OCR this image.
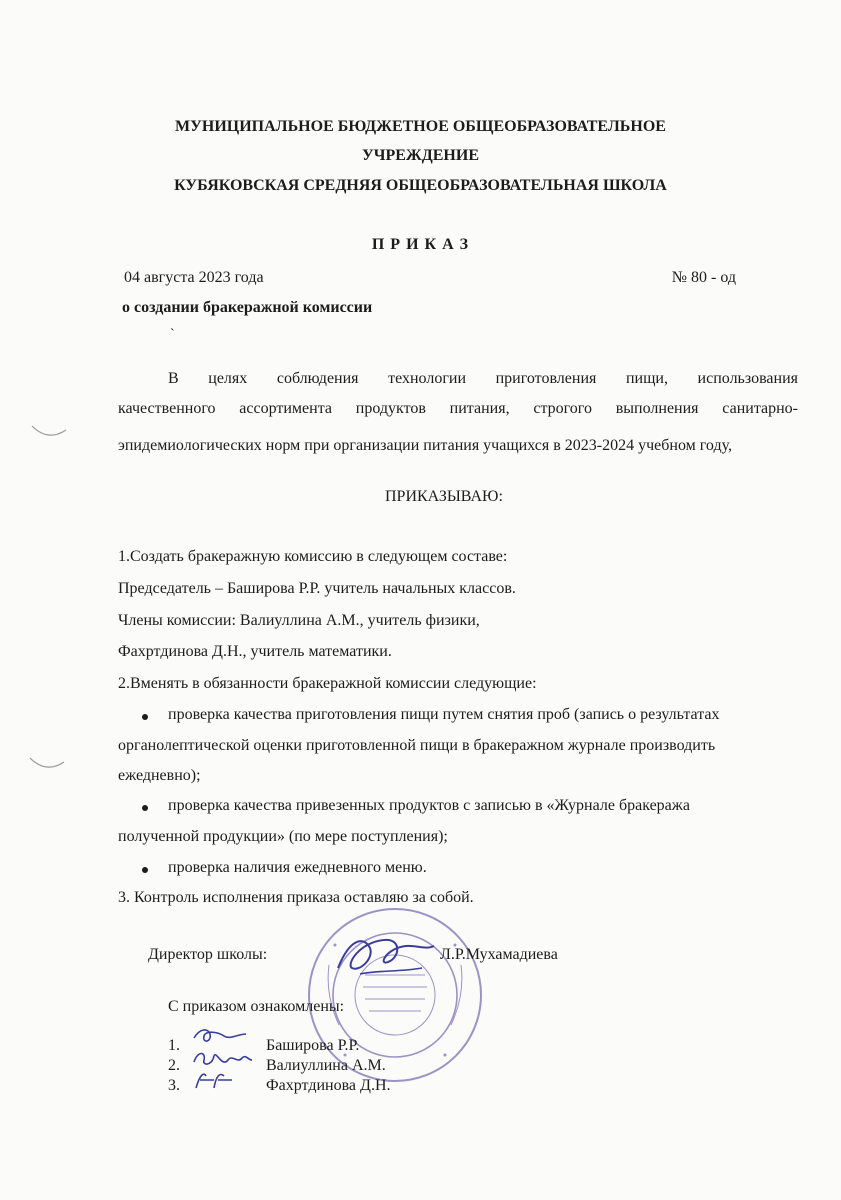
МУНИЦИПАЛЬНОЕ БЮДЖЕТНОЕ ОБЩЕОБРАЗОВАТЕЛЬНОЕ
УЧРЕЖДЕНИЕ
КУБЯКОВСКАЯ СРЕДНЯЯ ОБЩЕОБРАЗОВАТЕЛЬНАЯ ШКОЛА
П Р И К А З
04 августа 2023 года	№ 80 - од
о создании бракеражной комиссии
`
В целях соблюдения технологии приготовления пищи, использования
качественного ассортимента продуктов питания, строгого выполнения санитарно-
эпидемиологических норм при организации питания учащихся в 2023-2024 учебном году,
ПРИКАЗЫВАЮ:
1.Создать бракеражную комиссию в следующем составе:
Председатель – Баширова Р.Р. учитель начальных классов.
Члены комиссии: Валиуллина А.М., учитель физики,
Фахртдинова Д.Н., учитель математики.
2.Вменять в обязанности бракеражной комиссии следующие:
проверка качества приготовления пищи путем снятия проб (запись о результатах
органолептической оценки приготовленной пищи в бракеражном журнале производить
ежедневно);
проверка качества привезенных продуктов с записью в «Журнале бракеража
полученной продукции» (по мере поступления);
проверка наличия ежедневного меню.
3. Контроль исполнения приказа оставляю за собой.
Директор школы:	Л.Р.Мухамадиева
С приказом ознакомлены:
1.	Баширова Р.Р.
2.	Валиуллина А.М.
3.	Фахртдинова Д.Н.
